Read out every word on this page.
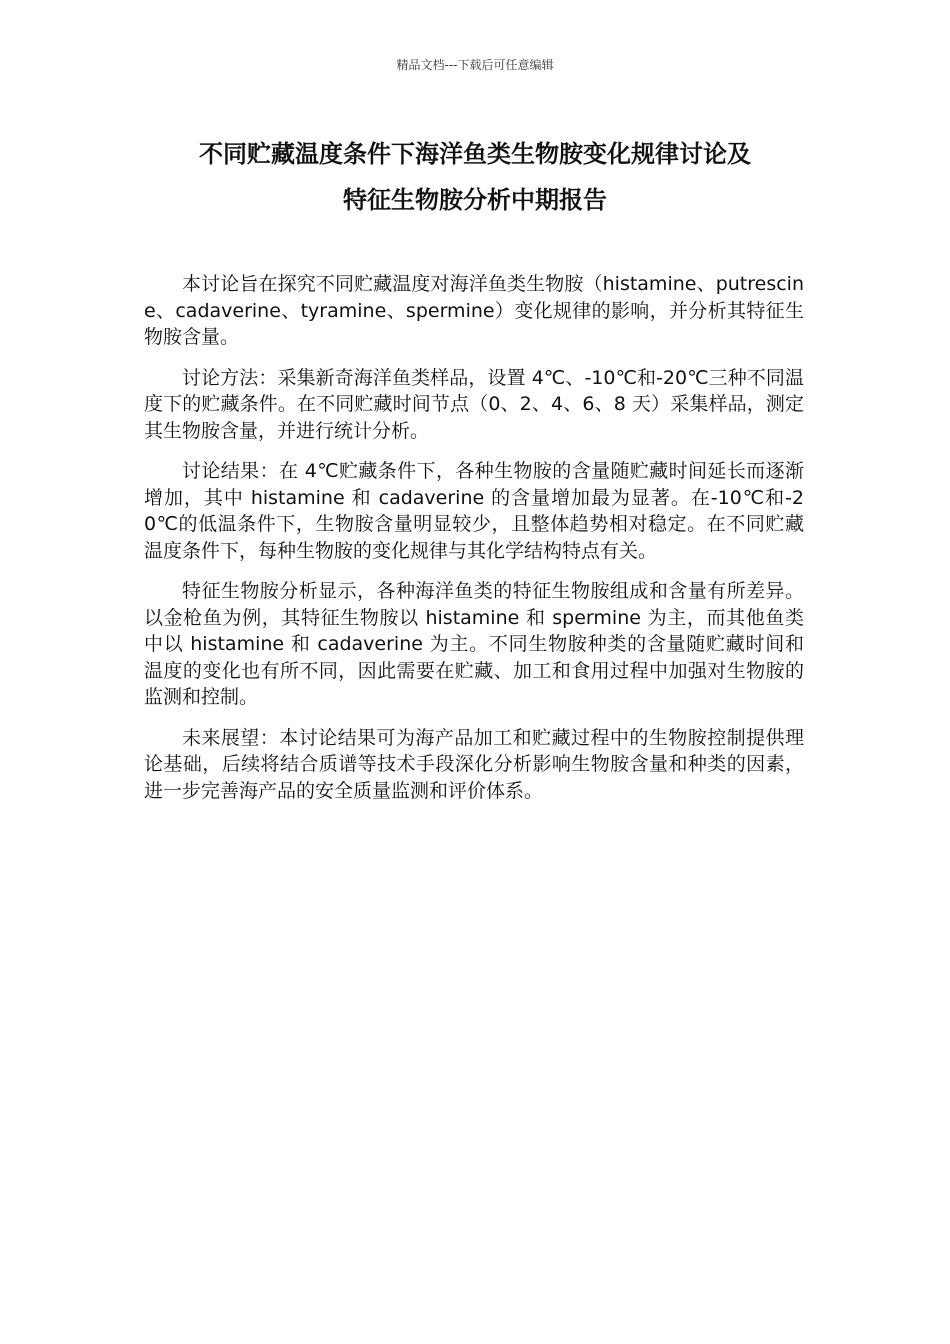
精品文档---下载后可任意编辑
不同贮藏温度条件下海洋鱼类生物胺变化规律讨论及
特征生物胺分析中期报告

本讨论旨在探究不同贮藏温度对海洋鱼类生物胺（histamine、putrescine、cadaverine、tyramine、spermine）变化规律的影响，并分析其特征生物胺含量。

讨论方法：采集新奇海洋鱼类样品，设置 4℃、-10℃和-20℃三种不同温度下的贮藏条件。在不同贮藏时间节点（0、2、4、6、8 天）采集样品，测定其生物胺含量，并进行统计分析。

讨论结果：在 4℃贮藏条件下，各种生物胺的含量随贮藏时间延长而逐渐增加，其中 histamine 和 cadaverine 的含量增加最为显著。在-10℃和-20℃的低温条件下，生物胺含量明显较少，且整体趋势相对稳定。在不同贮藏温度条件下，每种生物胺的变化规律与其化学结构特点有关。

特征生物胺分析显示，各种海洋鱼类的特征生物胺组成和含量有所差异。以金枪鱼为例，其特征生物胺以 histamine 和 spermine 为主，而其他鱼类中以 histamine 和 cadaverine 为主。不同生物胺种类的含量随贮藏时间和温度的变化也有所不同，因此需要在贮藏、加工和食用过程中加强对生物胺的监测和控制。

未来展望：本讨论结果可为海产品加工和贮藏过程中的生物胺控制提供理论基础，后续将结合质谱等技术手段深化分析影响生物胺含量和种类的因素，进一步完善海产品的安全质量监测和评价体系。
